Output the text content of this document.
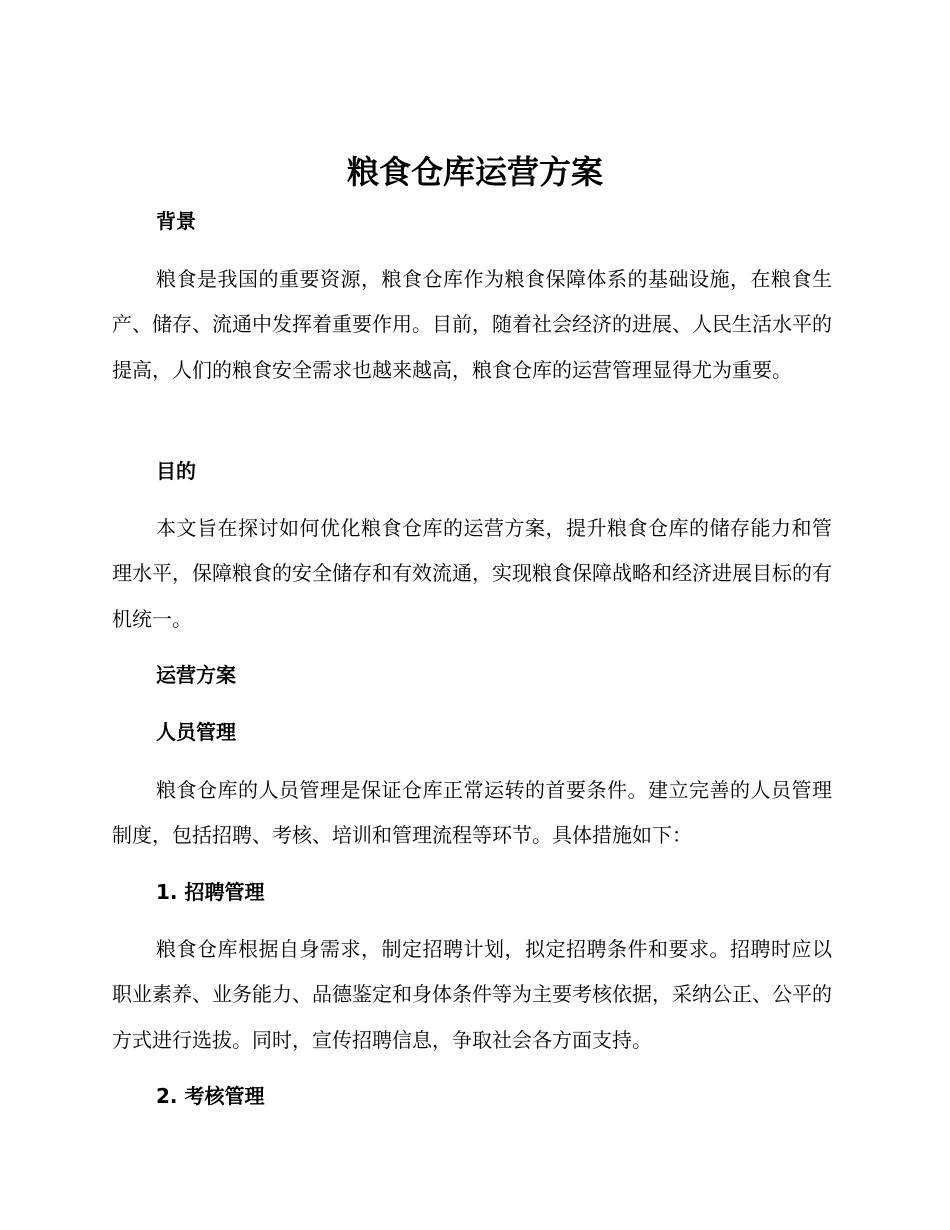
粮食仓库运营方案
背景

粮食是我国的重要资源，粮食仓库作为粮食保障体系的基础设施，在粮食生产、储存、流通中发挥着重要作用。目前，随着社会经济的进展、人民生活水平的提高，人们的粮食安全需求也越来越高，粮食仓库的运营管理显得尤为重要。

目的

本文旨在探讨如何优化粮食仓库的运营方案，提升粮食仓库的储存能力和管理水平，保障粮食的安全储存和有效流通，实现粮食保障战略和经济进展目标的有机统一。

运营方案
人员管理

粮食仓库的人员管理是保证仓库正常运转的首要条件。建立完善的人员管理制度，包括招聘、考核、培训和管理流程等环节。具体措施如下：

1. 招聘管理

粮食仓库根据自身需求，制定招聘计划，拟定招聘条件和要求。招聘时应以职业素养、业务能力、品德鉴定和身体条件等为主要考核依据，采纳公正、公平的方式进行选拔。同时，宣传招聘信息，争取社会各方面支持。

2. 考核管理
